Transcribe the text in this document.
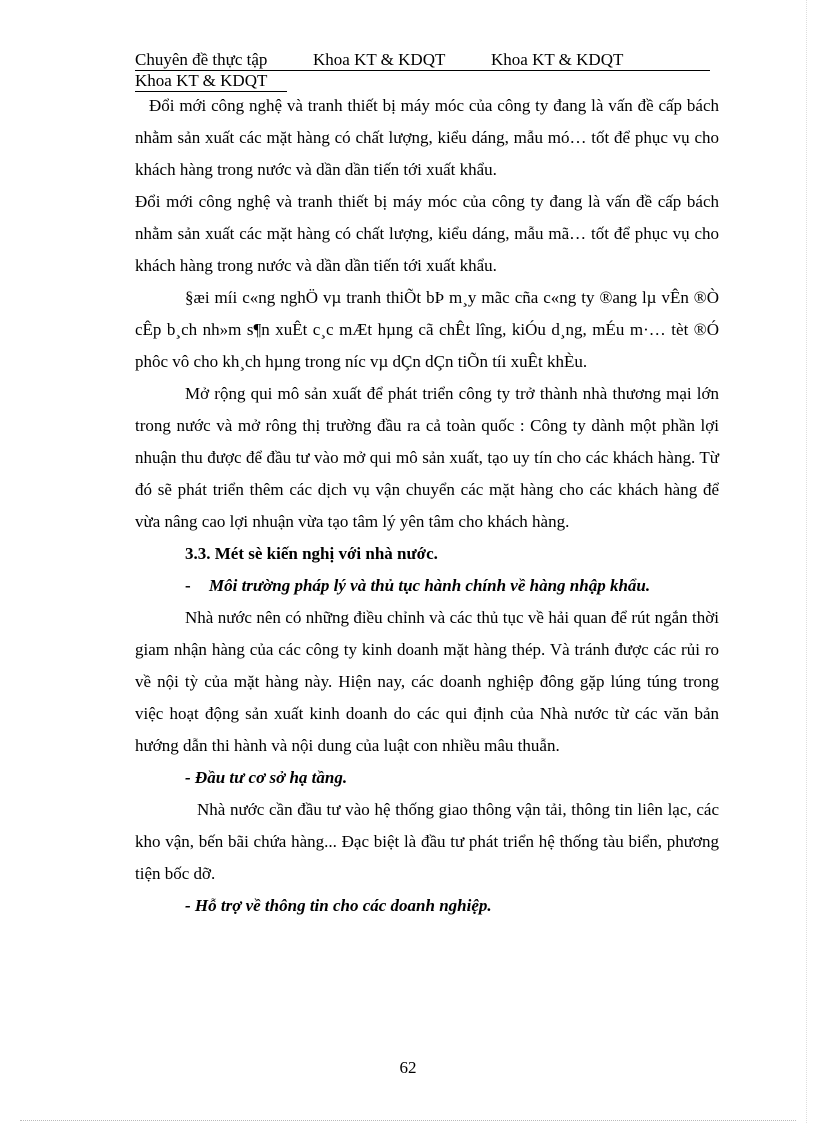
Chuyên đề thực tập	Khoa KT & KDQT	Khoa KT & KDQT
Khoa KT & KDQT

Đổi mới công nghệ và tranh thiết bị máy móc của công ty đang là vấn đề cấp bách nhằm sản xuất các mặt hàng có chất lượng, kiểu dáng, mẫu mó… tốt để phục vụ cho khách hàng trong nước và dần dần tiến tới xuất khẩu.

Đổi mới công nghệ và tranh thiết bị máy móc của công ty đang là vấn đề cấp bách nhằm sản xuất các mặt hàng có chất lượng, kiểu dáng, mẫu mã… tốt để phục vụ cho khách hàng trong nước và dần dần tiến tới xuất khẩu.

§æi míi c«ng nghÖ vµ tranh thiÕt bÞ m¸y mãc cña c«ng ty ®ang lµ vÊn ®Ò cÊp b¸ch nh»m s¶n xuÊt c¸c mÆt hµng cã chÊt lîng, kiÓu d¸ng, mÉu m·… tèt ®Ó phôc vô cho kh¸ch hµng trong níc vµ dÇn dÇn tiÕn tíi xuÊt khÈu.

Mở rộng qui mô sản xuất để phát triển công ty trở thành nhà thương mại lớn trong nước và mở rông thị trường đầu ra cả toàn quốc : Công ty dành một phần lợi nhuận thu được để đầu tư vào mở qui mô sản xuất, tạo uy tín cho các khách hàng. Từ đó sẽ phát triển thêm các dịch vụ vận chuyển các mặt hàng cho các khách hàng để vừa nâng cao lợi nhuận vừa tạo tâm lý yên tâm cho khách hàng.

3.3. Mét sè kiến nghị với nhà nước.

- Môi trường pháp lý và thủ tục hành chính về hàng nhập khẩu.

Nhà nước nên có những điều chỉnh và các thủ tục về hải quan để rút ngắn thời giam nhận hàng của các công ty kinh doanh mặt hàng thép. Và tránh được các rủi ro về nội tỳ của mặt hàng này. Hiện nay, các doanh nghiệp đông gặp lúng túng trong việc hoạt động sản xuất kinh doanh do các qui định của Nhà nước từ các văn bản hướng dẫn thi hành và nội dung của luật con nhiều mâu thuẫn.

- Đầu tư cơ sở hạ tầng.

Nhà nước cần đầu tư vào hệ thống giao thông vận tải, thông tin liên lạc, các kho vận, bến bãi chứa hàng... Đạc biệt là đầu tư phát triển hệ thống tàu biển, phương tiện bốc dỡ.

- Hỗ trợ về thông tin cho các doanh nghiệp.

62
